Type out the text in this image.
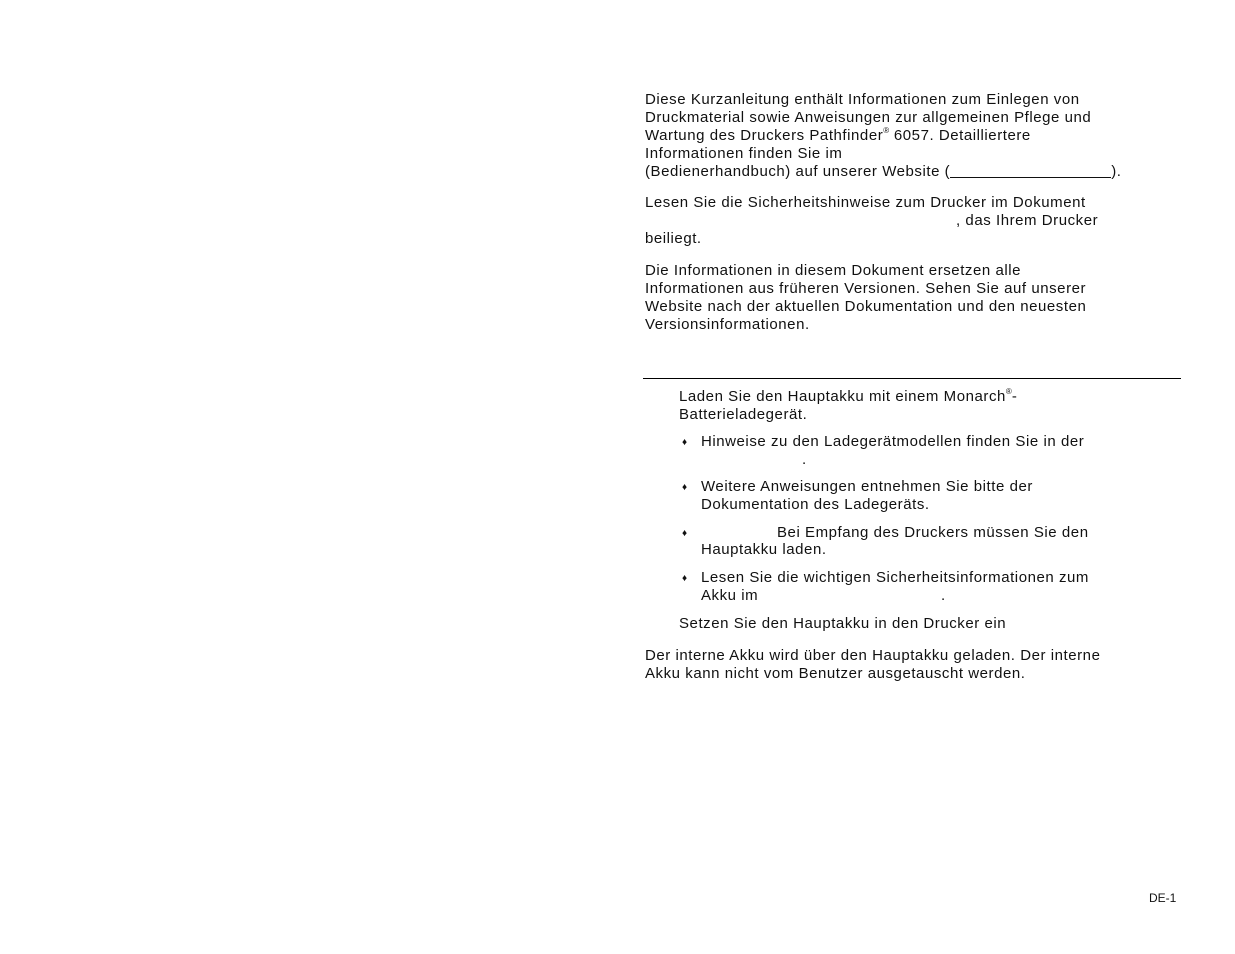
Diese Kurzanleitung enthält Informationen zum Einlegen von
Druckmaterial sowie Anweisungen zur allgemeinen Pflege und
Wartung des Druckers Pathfinder® 6057. Detailliertere
Informationen finden Sie im
(Bedienerhandbuch) auf unserer Website (	).
Lesen Sie die Sicherheitshinweise zum Drucker im Dokument
, das Ihrem Drucker
beiliegt.
Die Informationen in diesem Dokument ersetzen alle
Informationen aus früheren Versionen. Sehen Sie auf unserer
Website nach der aktuellen Dokumentation und den neuesten
Versionsinformationen.
Laden Sie den Hauptakku mit einem Monarch®-
Batterieladegerät.
♦ Hinweise zu den Ladegerätmodellen finden Sie in der
.
♦ Weitere Anweisungen entnehmen Sie bitte der
Dokumentation des Ladegeräts.
♦	Bei Empfang des Druckers müssen Sie den
Hauptakku laden.
♦ Lesen Sie die wichtigen Sicherheitsinformationen zum
Akku im	.
Setzen Sie den Hauptakku in den Drucker ein
Der interne Akku wird über den Hauptakku geladen. Der interne
Akku kann nicht vom Benutzer ausgetauscht werden.
DE-1
